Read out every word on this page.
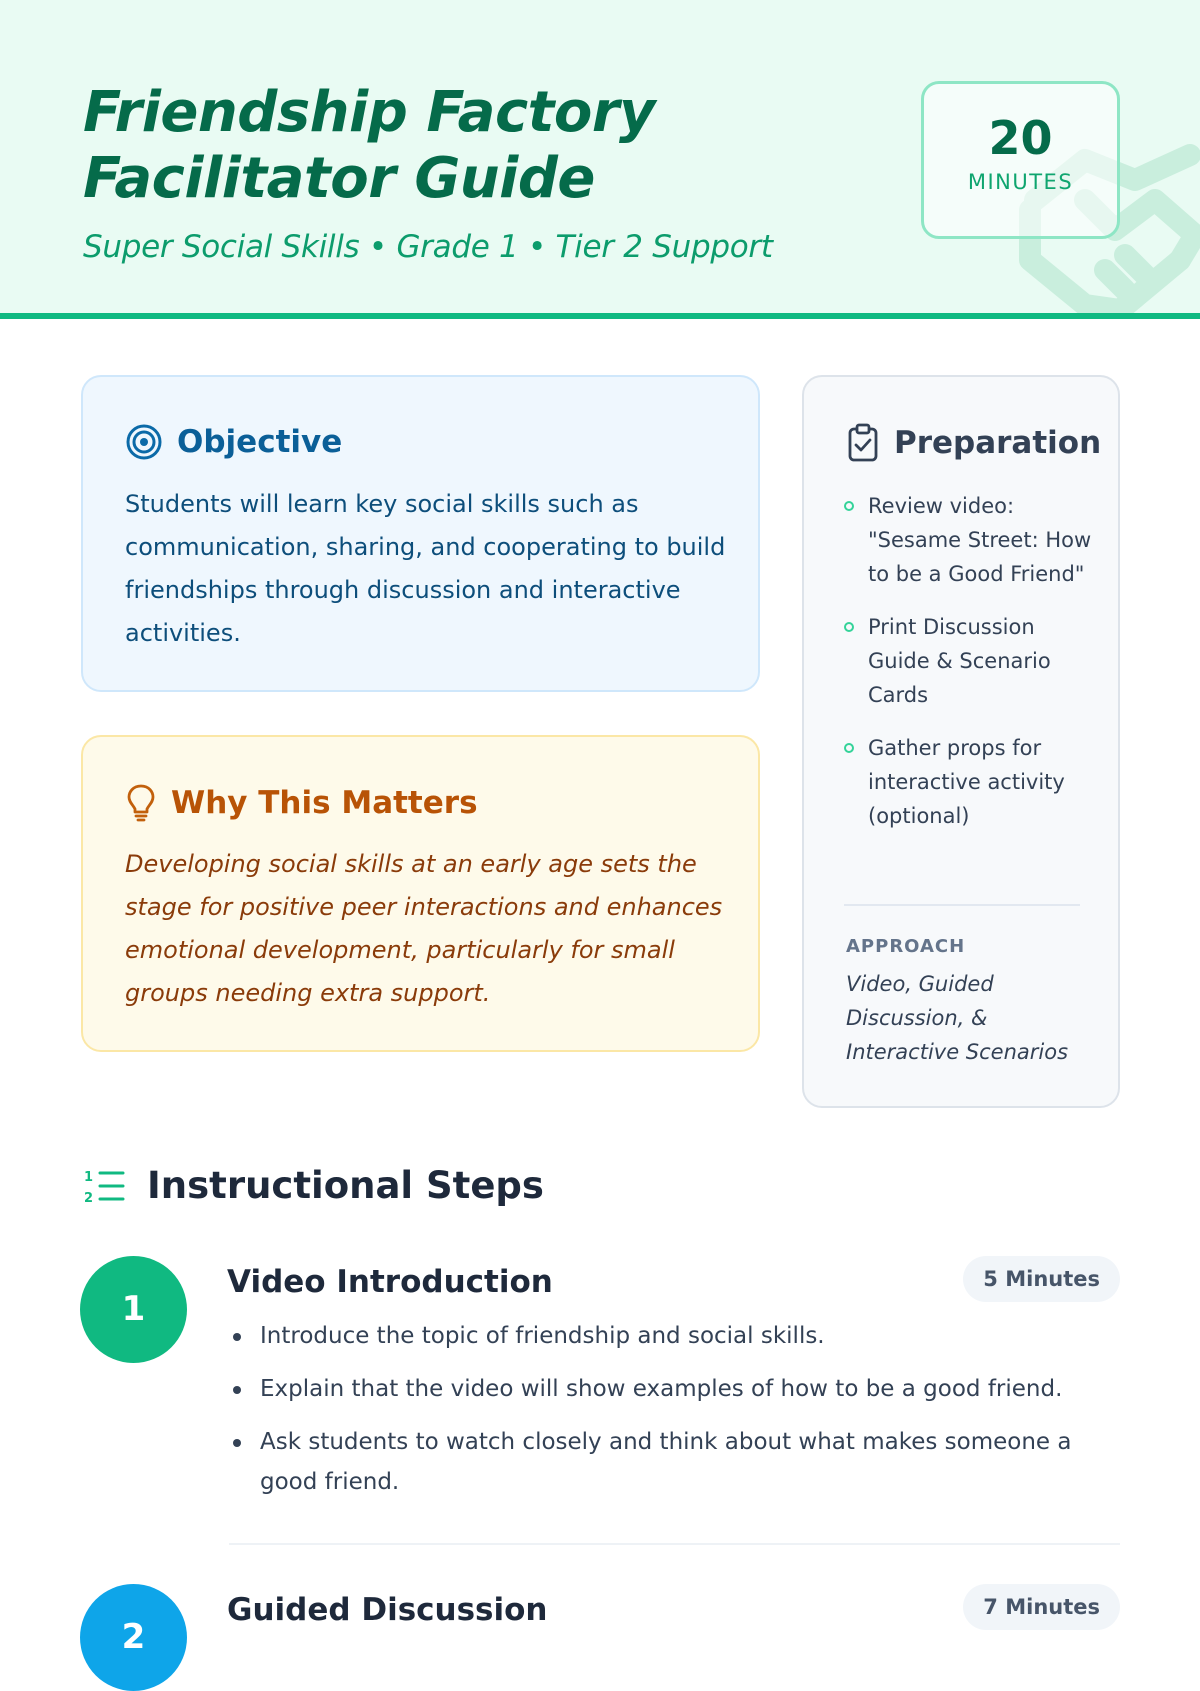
Friendship Factory Facilitator Guide
Super Social Skills • Grade 1 • Tier 2 Support
20
MINUTES
Objective
Students will learn key social skills such as communication, sharing, and cooperating to build friendships through discussion and interactive activities.
Why This Matters
Developing social skills at an early age sets the stage for positive peer interactions and enhances emotional development, particularly for small groups needing extra support.
Preparation
Review video: "Sesame Street: How to be a Good Friend"
Print Discussion Guide & Scenario Cards
Gather props for interactive activity (optional)
APPROACH
Video, Guided Discussion, & Interactive Scenarios
1
2 Instructional Steps
1
Video Introduction	5 Minutes
Introduce the topic of friendship and social skills.
Explain that the video will show examples of how to be a good friend.
Ask students to watch closely and think about what makes someone a good friend.
2
Guided Discussion	7 Minutes
